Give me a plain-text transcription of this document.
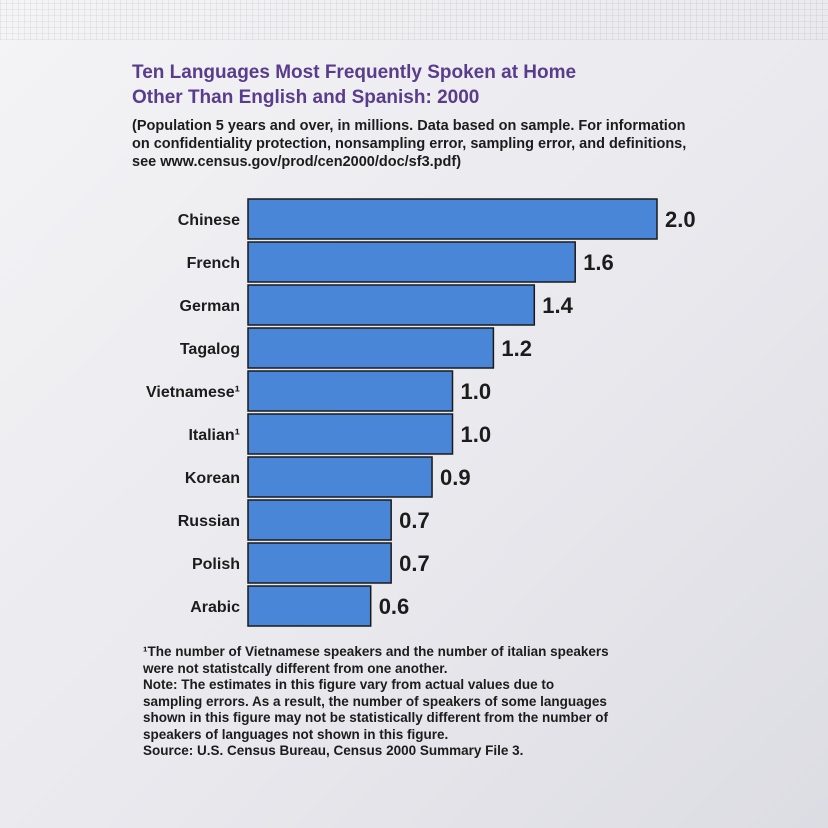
Ten Languages Most Frequently Spoken at Home
Other Than English and Spanish: 2000

(Population 5 years and over, in millions. Data based on sample. For information on confidentiality protection, nonsampling error, sampling error, and definitions, see www.census.gov/prod/cen2000/doc/sf3.pdf)

Chinese	2.0
French	1.6
German	1.4
Tagalog	1.2
Vietnamese¹	1.0
Italian¹	1.0
Korean	0.9
Russian	0.7
Polish	0.7
Arabic	0.6
¹The number of Vietnamese speakers and the number of italian speakers
were not statistcally different from one another.
Note: The estimates in this figure vary from actual values due to
sampling errors. As a result, the number of speakers of some languages
shown in this figure may not be statistically different from the number of
speakers of languages not shown in this figure.
Source: U.S. Census Bureau, Census 2000 Summary File 3.
